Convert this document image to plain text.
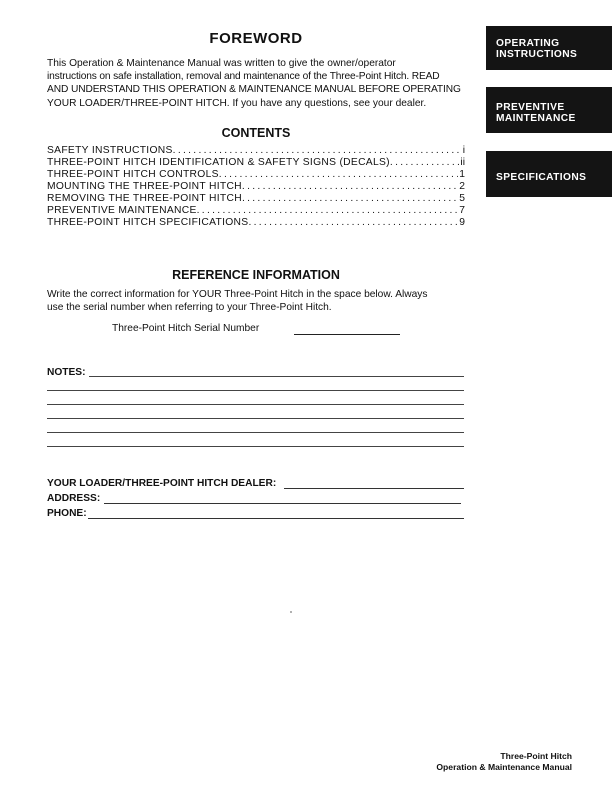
FOREWORD
This Operation & Maintenance Manual was written to give the owner/operator
instructions on safe installation, removal and maintenance of the Three-Point Hitch. READ
AND UNDERSTAND THIS OPERATION & MAINTENANCE MANUAL BEFORE OPERATING
YOUR LOADER/THREE-POINT HITCH. If you have any questions, see your dealer.
CONTENTS
SAFETY INSTRUCTIONS .....	i
THREE-POINT HITCH IDENTIFICATION & SAFETY SIGNS (DECALS) .....	ii
THREE-POINT HITCH CONTROLS .....	1
MOUNTING THE THREE-POINT HITCH .....	2
REMOVING THE THREE-POINT HITCH .....	5
PREVENTIVE MAINTENANCE .....	7
THREE-POINT HITCH SPECIFICATIONS .....	9
REFERENCE INFORMATION
Write the correct information for YOUR Three-Point Hitch in the space below. Always
use the serial number when referring to your Three-Point Hitch.
Three-Point Hitch Serial Number
NOTES:
YOUR LOADER/THREE-POINT HITCH DEALER:
ADDRESS:
PHONE:
OPERATING
INSTRUCTIONS
PREVENTIVE
MAINTENANCE
SPECIFICATIONS
Three-Point Hitch
Operation & Maintenance Manual
